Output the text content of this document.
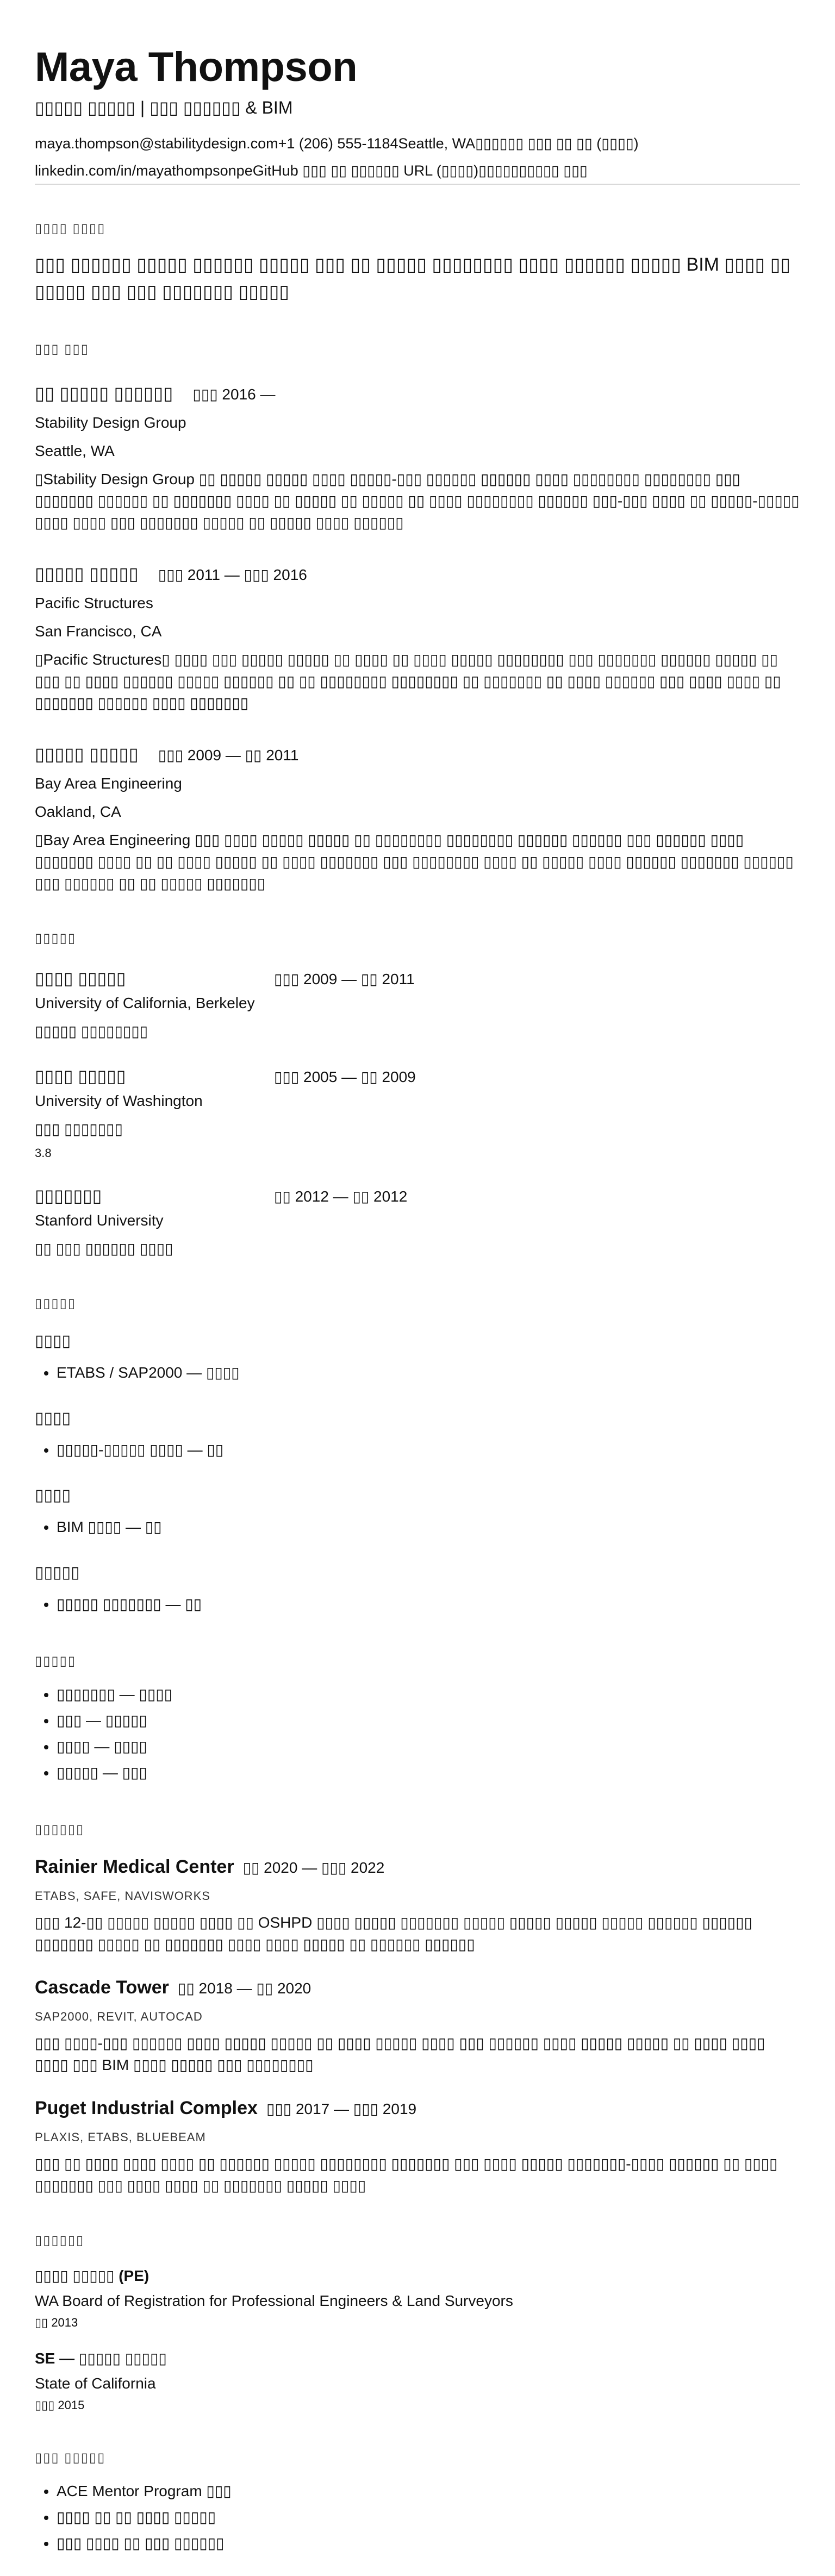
Maya Thompson
▯▯▯▯▯ ▯▯▯▯▯ | ▯▯▯ ▯▯▯▯▯▯ & BIM
maya.thompson@stabilitydesign.com +1 (206) 555-1184 Seattle, WA ▯▯▯▯▯▯ ▯▯▯ ▯▯ ▯▯ (▯▯▯▯)
linkedin.com/in/mayathompsonpe GitHub ▯▯▯ ▯▯ ▯▯▯▯▯▯ URL (▯▯▯▯) ▯▯▯▯▯▯ ▯▯▯▯ ▯▯▯
▯▯▯▯ ▯▯▯▯
▯▯▯ ▯▯▯▯▯▯ ▯▯▯▯▯ ▯▯▯▯▯▯ ▯▯▯▯▯ ▯▯▯ ▯▯ ▯▯▯▯▯ ▯▯▯▯▯▯▯▯ ▯▯▯▯ ▯▯▯▯▯▯ ▯▯▯▯▯ BIM ▯▯▯▯ ▯▯ ▯▯▯▯▯ ▯▯▯ ▯▯▯ ▯▯▯▯▯▯▯ ▯▯▯▯▯
▯▯▯ ▯▯▯
▯▯ ▯▯▯▯▯ ▯▯▯▯▯▯ ▯▯▯ 2016 —
Stability Design Group
Seattle, WA
▯Stability Design Group ▯▯ ▯▯▯▯▯ ▯▯▯▯▯ ▯▯▯▯ ▯▯▯▯▯-▯▯▯ ▯▯▯▯▯▯ ▯▯▯▯▯▯ ▯▯▯▯ ▯▯▯▯▯▯▯▯ ▯▯▯▯▯▯▯▯ ▯▯▯ ▯▯▯▯▯▯▯ ▯▯▯▯▯▯ ▯▯ ▯▯▯▯▯▯▯ ▯▯▯▯ ▯▯ ▯▯▯▯▯ ▯▯ ▯▯▯▯▯ ▯▯ ▯▯▯▯ ▯▯▯▯▯▯▯▯ ▯▯▯▯▯▯ ▯▯▯-▯▯▯ ▯▯▯▯ ▯▯ ▯▯▯▯▯-▯▯▯▯▯ ▯▯▯▯ ▯▯▯▯ ▯▯▯ ▯▯▯▯▯▯▯ ▯▯▯▯▯ ▯▯ ▯▯▯▯▯ ▯▯▯▯ ▯▯▯▯▯▯
▯▯▯▯▯ ▯▯▯▯▯ ▯▯▯ 2011 — ▯▯▯ 2016
Pacific Structures
San Francisco, CA
▯Pacific Structures▯ ▯▯▯▯ ▯▯▯ ▯▯▯▯▯ ▯▯▯▯▯ ▯▯ ▯▯▯▯ ▯▯ ▯▯▯▯ ▯▯▯▯▯ ▯▯▯▯▯▯▯▯ ▯▯▯ ▯▯▯▯▯▯▯ ▯▯▯▯▯▯ ▯▯▯▯▯ ▯▯ ▯▯▯ ▯▯ ▯▯▯▯ ▯▯▯▯▯▯ ▯▯▯▯▯ ▯▯▯▯▯▯ ▯▯ ▯▯ ▯▯▯▯▯▯▯▯ ▯▯▯▯▯▯▯▯ ▯▯ ▯▯▯▯▯▯▯ ▯▯ ▯▯▯▯ ▯▯▯▯▯▯ ▯▯▯ ▯▯▯▯ ▯▯▯▯ ▯▯ ▯▯▯▯▯▯▯ ▯▯▯▯▯▯ ▯▯▯▯ ▯▯▯▯▯▯▯
▯▯▯▯▯ ▯▯▯▯▯ ▯▯▯ 2009 — ▯▯ 2011
Bay Area Engineering
Oakland, CA
▯Bay Area Engineering ▯▯▯ ▯▯▯▯ ▯▯▯▯▯ ▯▯▯▯▯ ▯▯ ▯▯▯▯▯▯▯▯ ▯▯▯▯▯▯▯▯ ▯▯▯▯▯▯ ▯▯▯▯▯▯ ▯▯▯ ▯▯▯▯▯▯ ▯▯▯▯ ▯▯▯▯▯▯▯ ▯▯▯▯ ▯▯ ▯▯ ▯▯▯▯ ▯▯▯▯▯ ▯▯ ▯▯▯▯ ▯▯▯▯▯▯▯ ▯▯▯ ▯▯▯▯▯▯▯▯ ▯▯▯▯ ▯▯ ▯▯▯▯▯ ▯▯▯▯ ▯▯▯▯▯▯ ▯▯▯▯▯▯▯ ▯▯▯▯▯▯ ▯▯▯ ▯▯▯▯▯▯ ▯▯ ▯▯ ▯▯▯▯▯ ▯▯▯▯▯▯▯
▯▯▯▯▯
▯▯▯▯ ▯▯▯▯▯	▯▯▯ 2009 — ▯▯ 2011
University of California, Berkeley
▯▯▯▯▯ ▯▯▯▯▯▯▯▯
▯▯▯▯ ▯▯▯▯▯	▯▯▯ 2005 — ▯▯ 2009
University of Washington
▯▯▯ ▯▯▯▯▯▯▯
3.8
▯▯▯▯▯▯▯	▯▯ 2012 — ▯▯ 2012
Stanford University
▯▯ ▯▯▯ ▯▯▯▯▯▯ ▯▯▯▯
▯▯▯▯▯
▯▯▯▯
• ETABS / SAP2000 — ▯▯▯▯
▯▯▯▯
• ▯▯▯▯▯-▯▯▯▯▯ ▯▯▯▯ — ▯▯
▯▯▯▯
• BIM ▯▯▯▯ — ▯▯
▯▯▯▯▯
• ▯▯▯▯▯ ▯▯▯▯▯▯▯ — ▯▯
▯▯▯▯▯
• ▯▯▯▯▯▯▯ — ▯▯▯▯
• ▯▯▯ — ▯▯▯▯▯
• ▯▯▯▯ — ▯▯▯▯
• ▯▯▯▯▯ — ▯▯▯
▯▯▯▯▯▯
Rainier Medical Center ▯▯ 2020 — ▯▯▯ 2022
ETABS, SAFE, NAVISWORKS
▯▯▯ 12-▯▯ ▯▯▯▯▯ ▯▯▯▯▯ ▯▯▯▯ ▯▯ OSHPD ▯▯▯▯ ▯▯▯▯▯ ▯▯▯▯▯▯▯ ▯▯▯▯▯ ▯▯▯▯▯ ▯▯▯▯▯ ▯▯▯▯▯ ▯▯▯▯▯▯ ▯▯▯▯▯▯ ▯▯▯▯▯▯▯ ▯▯▯▯▯ ▯▯ ▯▯▯▯▯▯▯ ▯▯▯▯ ▯▯▯▯ ▯▯▯▯▯ ▯▯ ▯▯▯▯▯▯ ▯▯▯▯▯▯
Cascade Tower ▯▯ 2018 — ▯▯ 2020
SAP2000, REVIT, AUTOCAD
▯▯▯ ▯▯▯▯-▯▯▯ ▯▯▯▯▯▯ ▯▯▯▯ ▯▯▯▯▯ ▯▯▯▯▯ ▯▯ ▯▯▯▯ ▯▯▯▯▯ ▯▯▯▯ ▯▯▯ ▯▯▯▯▯▯ ▯▯▯▯ ▯▯▯▯▯ ▯▯▯▯▯ ▯▯ ▯▯▯▯ ▯▯▯▯ ▯▯▯▯ ▯▯▯ BIM ▯▯▯▯ ▯▯▯▯▯ ▯▯▯ ▯▯▯▯▯▯▯▯
Puget Industrial Complex ▯▯▯ 2017 — ▯▯▯ 2019
PLAXIS, ETABS, BLUEBEAM
▯▯▯ ▯▯ ▯▯▯▯ ▯▯▯▯ ▯▯▯▯ ▯▯ ▯▯▯▯▯▯ ▯▯▯▯▯ ▯▯▯▯▯▯▯▯ ▯▯▯▯▯▯▯ ▯▯▯ ▯▯▯▯ ▯▯▯▯▯ ▯▯▯▯▯▯▯-▯▯▯▯ ▯▯▯▯▯▯ ▯▯ ▯▯▯▯ ▯▯▯▯▯▯▯ ▯▯▯ ▯▯▯▯ ▯▯▯▯ ▯▯ ▯▯▯▯▯▯▯ ▯▯▯▯▯ ▯▯▯▯
▯▯▯▯▯▯
▯▯▯▯ ▯▯▯▯▯ (PE)
WA Board of Registration for Professional Engineers & Land Surveyors
▯▯ 2013
SE — ▯▯▯▯▯ ▯▯▯▯▯
State of California
▯▯▯ 2015
▯▯▯ ▯▯▯▯▯
• ACE Mentor Program ▯▯▯
• ▯▯▯▯ ▯▯ ▯▯ ▯▯▯▯ ▯▯▯▯▯
• ▯▯▯ ▯▯▯▯ ▯▯ ▯▯▯ ▯▯▯▯▯▯
